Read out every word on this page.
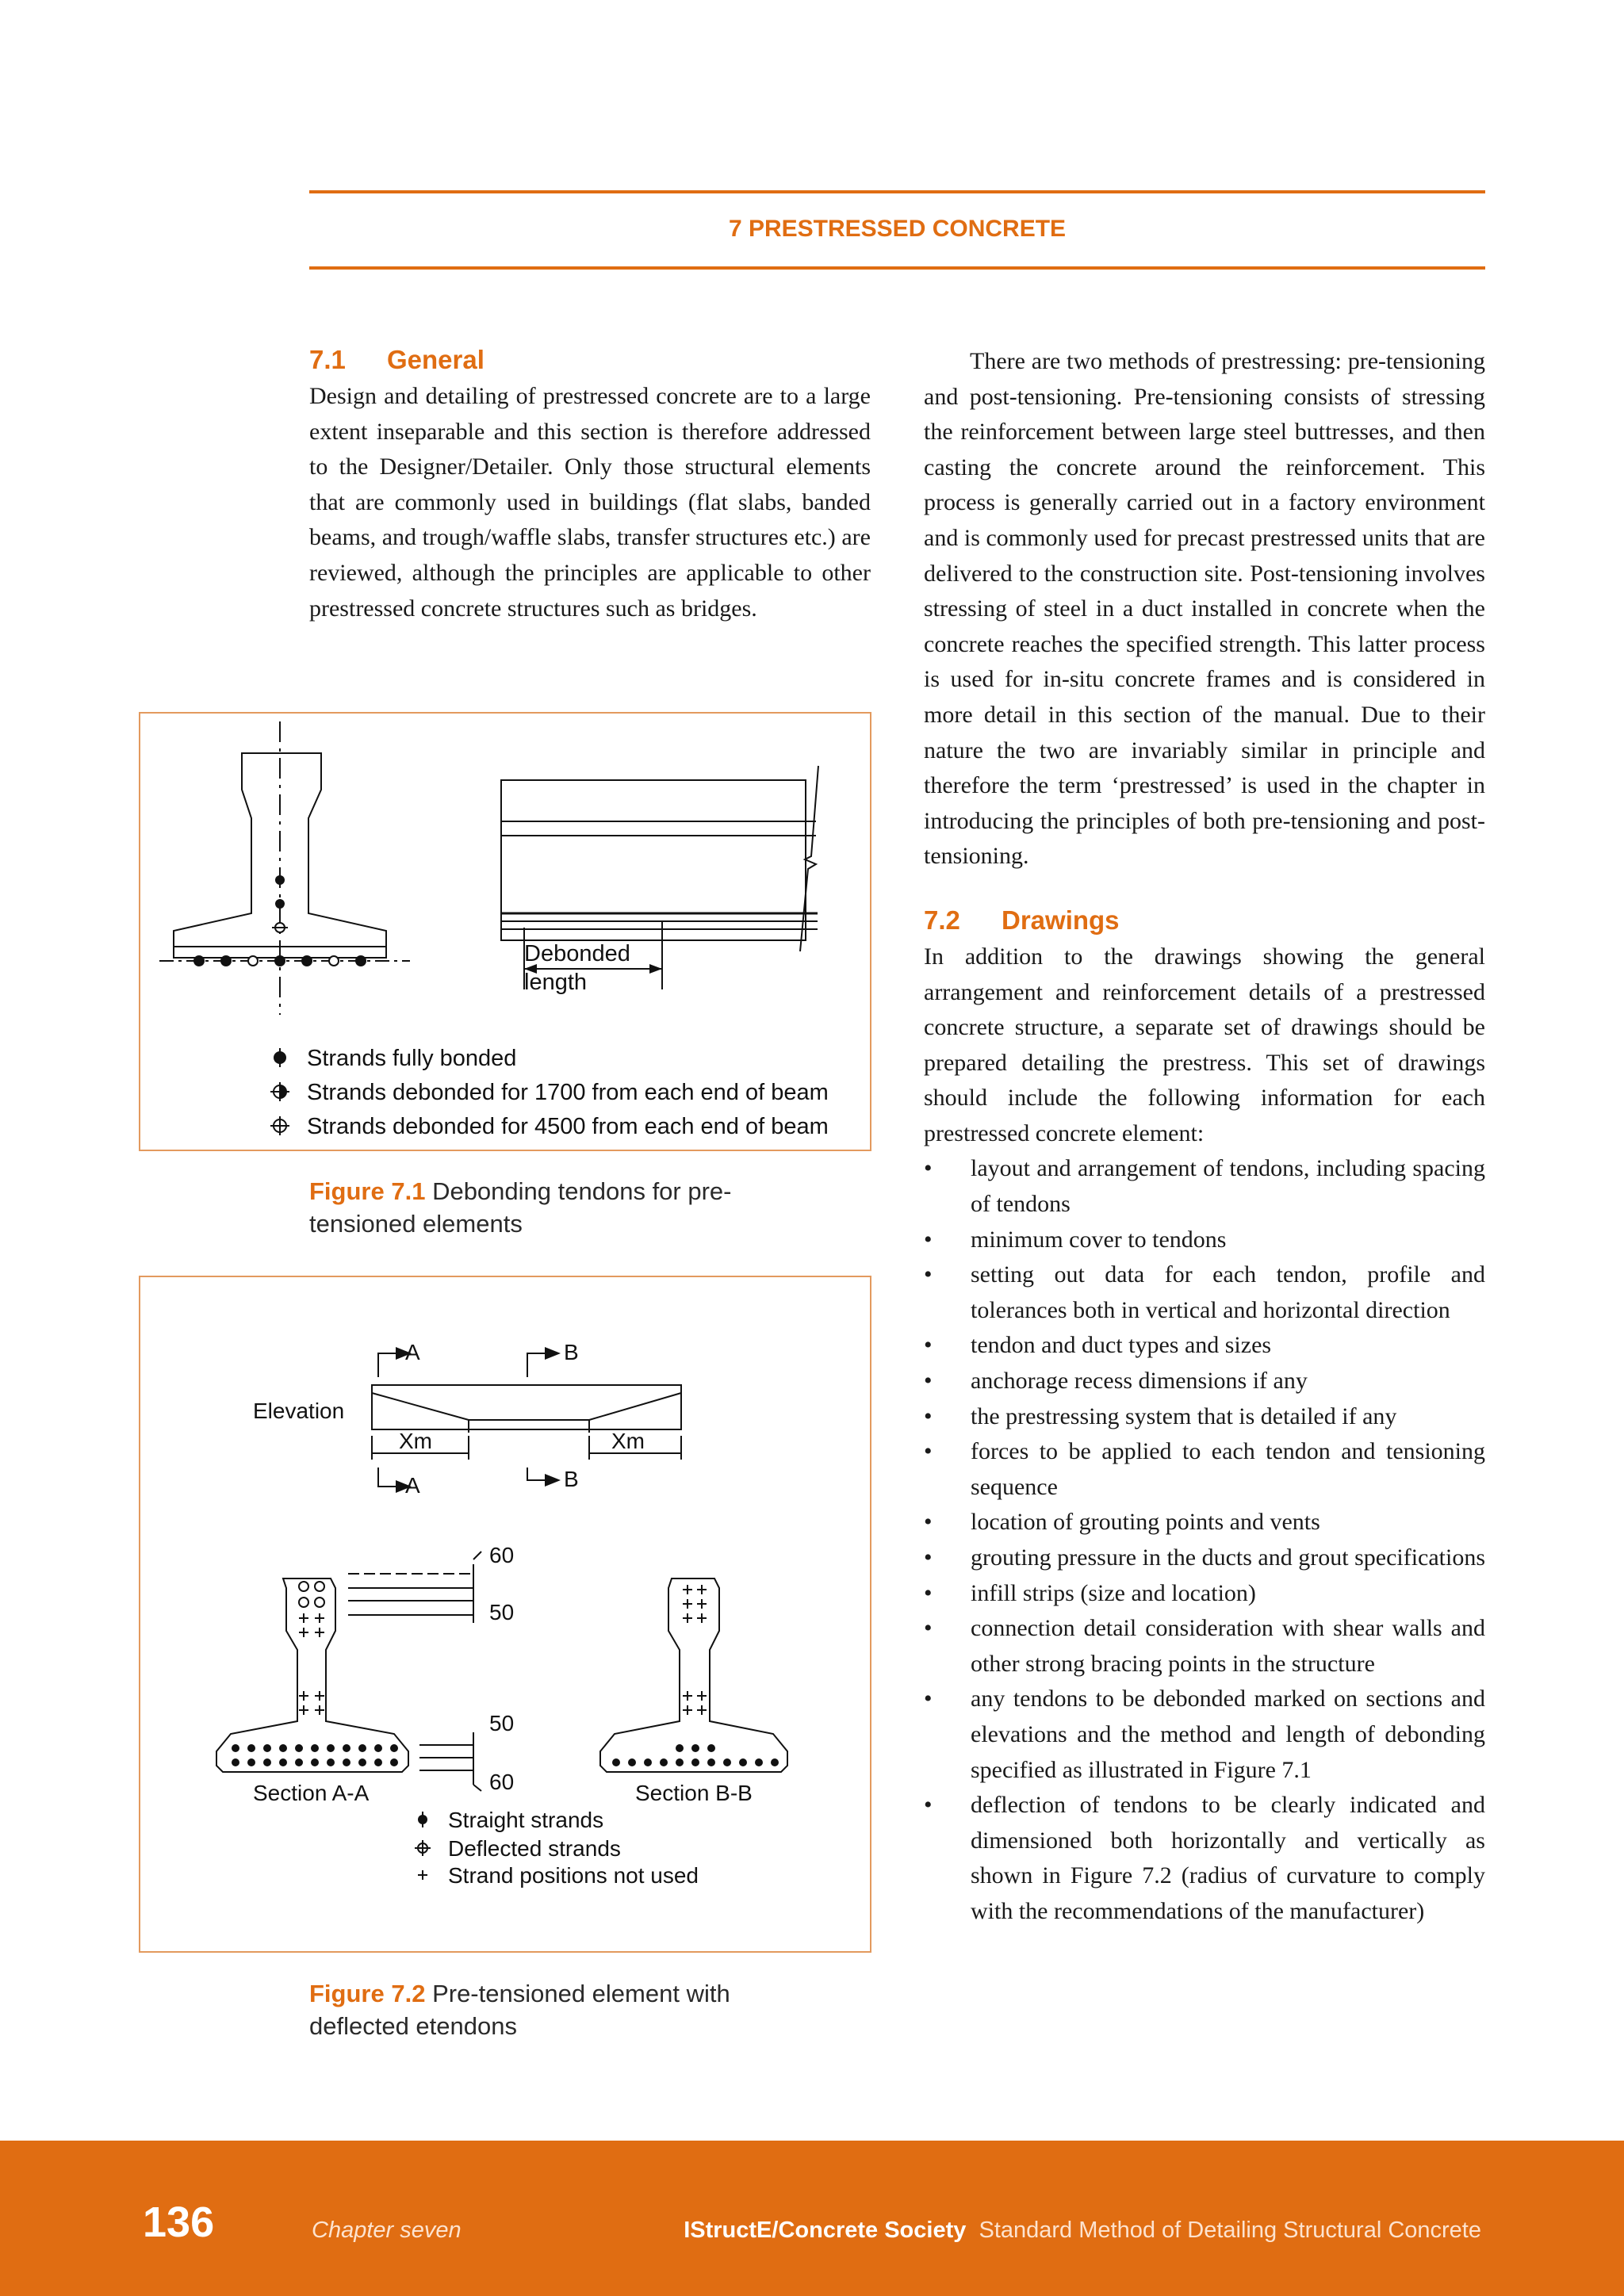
7 PRESTRESSED CONCRETE
7.1 General

Design and detailing of prestressed concrete are to a large extent inseparable and this section is therefore addressed to the Designer/Detailer. Only those structural elements that are commonly used in buildings (flat slabs, banded beams, and trough/waffle slabs, transfer structures etc.) are reviewed, although the principles are applicable to other prestressed concrete structures such as bridges.

Debonded
length
Strands fully bonded
Strands debonded for 1700 from each end of beam
Strands debonded for 4500 from each end of beam
Figure 7.1 Debonding tendons for pre-tensioned elements
Elevation
A	B
A	B
Xm	Xm
60
50
50
60
Section A-A	Section B-B
Straight strands
Deflected strands
Strand positions not used
Figure 7.2 Pre-tensioned element with deflected etendons

There are two methods of prestressing: pre-tensioning and post-tensioning. Pre-tensioning consists of stressing the reinforcement between large steel buttresses, and then casting the concrete around the reinforcement. This process is generally carried out in a factory environment and is commonly used for precast prestressed units that are delivered to the construction site. Post-tensioning involves stressing of steel in a duct installed in concrete when the concrete reaches the specified strength. This latter process is used for in-situ concrete frames and is considered in more detail in this section of the manual. Due to their nature the two are invariably similar in principle and therefore the term ‘prestressed’ is used in the chapter in introducing the principles of both pre-tensioning and post-tensioning.

7.2 Drawings

In addition to the drawings showing the general arrangement and reinforcement details of a prestressed concrete structure, a separate set of drawings should be prepared detailing the prestress. This set of drawings should include the following information for each prestressed concrete element:

• layout and arrangement of tendons, including spacing of tendons
• minimum cover to tendons
• setting out data for each tendon, profile and tolerances both in vertical and horizontal direction
• tendon and duct types and sizes
• anchorage recess dimensions if any
• the prestressing system that is detailed if any
• forces to be applied to each tendon and tensioning sequence
• location of grouting points and vents
• grouting pressure in the ducts and grout specifications
• infill strips (size and location)
• connection detail consideration with shear walls and other strong bracing points in the structure
• any tendons to be debonded marked on sections and elevations and the method and length of debonding specified as illustrated in Figure 7.1
• deflection of tendons to be clearly indicated and dimensioned both horizontally and vertically as shown in Figure 7.2 (radius of curvature to comply with the recommendations of the manufacturer)
136	Chapter seven	IStructE/Concrete Society Standard Method of Detailing Structural Concrete
